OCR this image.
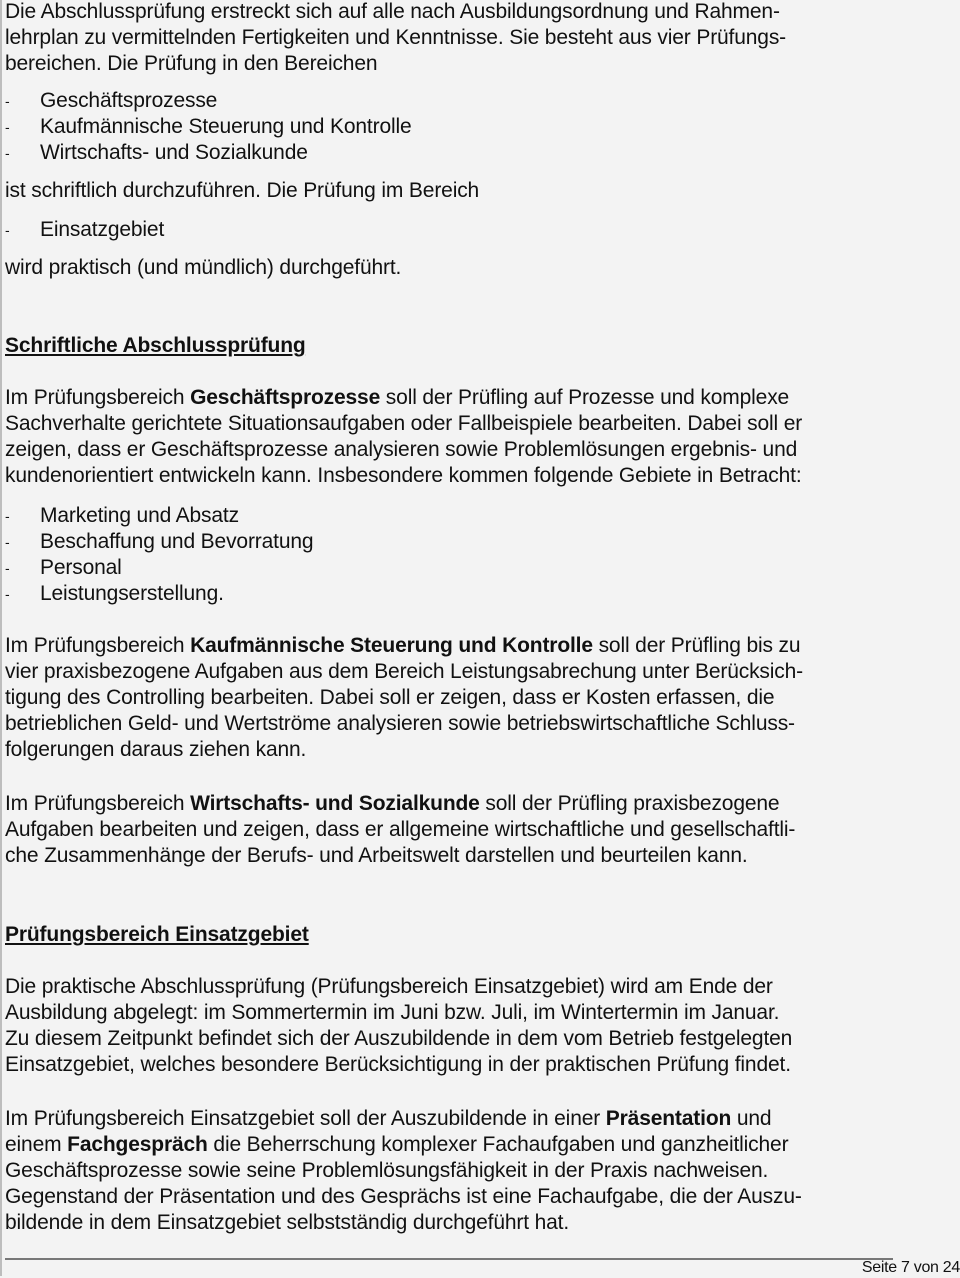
Die Abschlussprüfung erstreckt sich auf alle nach Ausbildungsordnung und Rahmen-
lehrplan zu vermittelnden Fertigkeiten und Kenntnisse. Sie besteht aus vier Prüfungs-
bereichen. Die Prüfung in den Bereichen
- Geschäftsprozesse
- Kaufmännische Steuerung und Kontrolle
- Wirtschafts- und Sozialkunde
ist schriftlich durchzuführen. Die Prüfung im Bereich
- Einsatzgebiet
wird praktisch (und mündlich) durchgeführt.
Schriftliche Abschlussprüfung
Im Prüfungsbereich Geschäftsprozesse soll der Prüfling auf Prozesse und komplexe
Sachverhalte gerichtete Situationsaufgaben oder Fallbeispiele bearbeiten. Dabei soll er
zeigen, dass er Geschäftsprozesse analysieren sowie Problemlösungen ergebnis- und
kundenorientiert entwickeln kann. Insbesondere kommen folgende Gebiete in Betracht:
- Marketing und Absatz
- Beschaffung und Bevorratung
- Personal
- Leistungserstellung.
Im Prüfungsbereich Kaufmännische Steuerung und Kontrolle soll der Prüfling bis zu
vier praxisbezogene Aufgaben aus dem Bereich Leistungsabrechung unter Berücksich-
tigung des Controlling bearbeiten. Dabei soll er zeigen, dass er Kosten erfassen, die
betrieblichen Geld- und Wertströme analysieren sowie betriebswirtschaftliche Schluss-
folgerungen daraus ziehen kann.
Im Prüfungsbereich Wirtschafts- und Sozialkunde soll der Prüfling praxisbezogene
Aufgaben bearbeiten und zeigen, dass er allgemeine wirtschaftliche und gesellschaftli-
che Zusammenhänge der Berufs- und Arbeitswelt darstellen und beurteilen kann.
Prüfungsbereich Einsatzgebiet
Die praktische Abschlussprüfung (Prüfungsbereich Einsatzgebiet) wird am Ende der
Ausbildung abgelegt: im Sommertermin im Juni bzw. Juli, im Wintertermin im Januar.
Zu diesem Zeitpunkt befindet sich der Auszubildende in dem vom Betrieb festgelegten
Einsatzgebiet, welches besondere Berücksichtigung in der praktischen Prüfung findet.
Im Prüfungsbereich Einsatzgebiet soll der Auszubildende in einer Präsentation und
einem Fachgespräch die Beherrschung komplexer Fachaufgaben und ganzheitlicher
Geschäftsprozesse sowie seine Problemlösungsfähigkeit in der Praxis nachweisen.
Gegenstand der Präsentation und des Gesprächs ist eine Fachaufgabe, die der Auszu-
bildende in dem Einsatzgebiet selbstständig durchgeführt hat.
Seite 7 von 24
